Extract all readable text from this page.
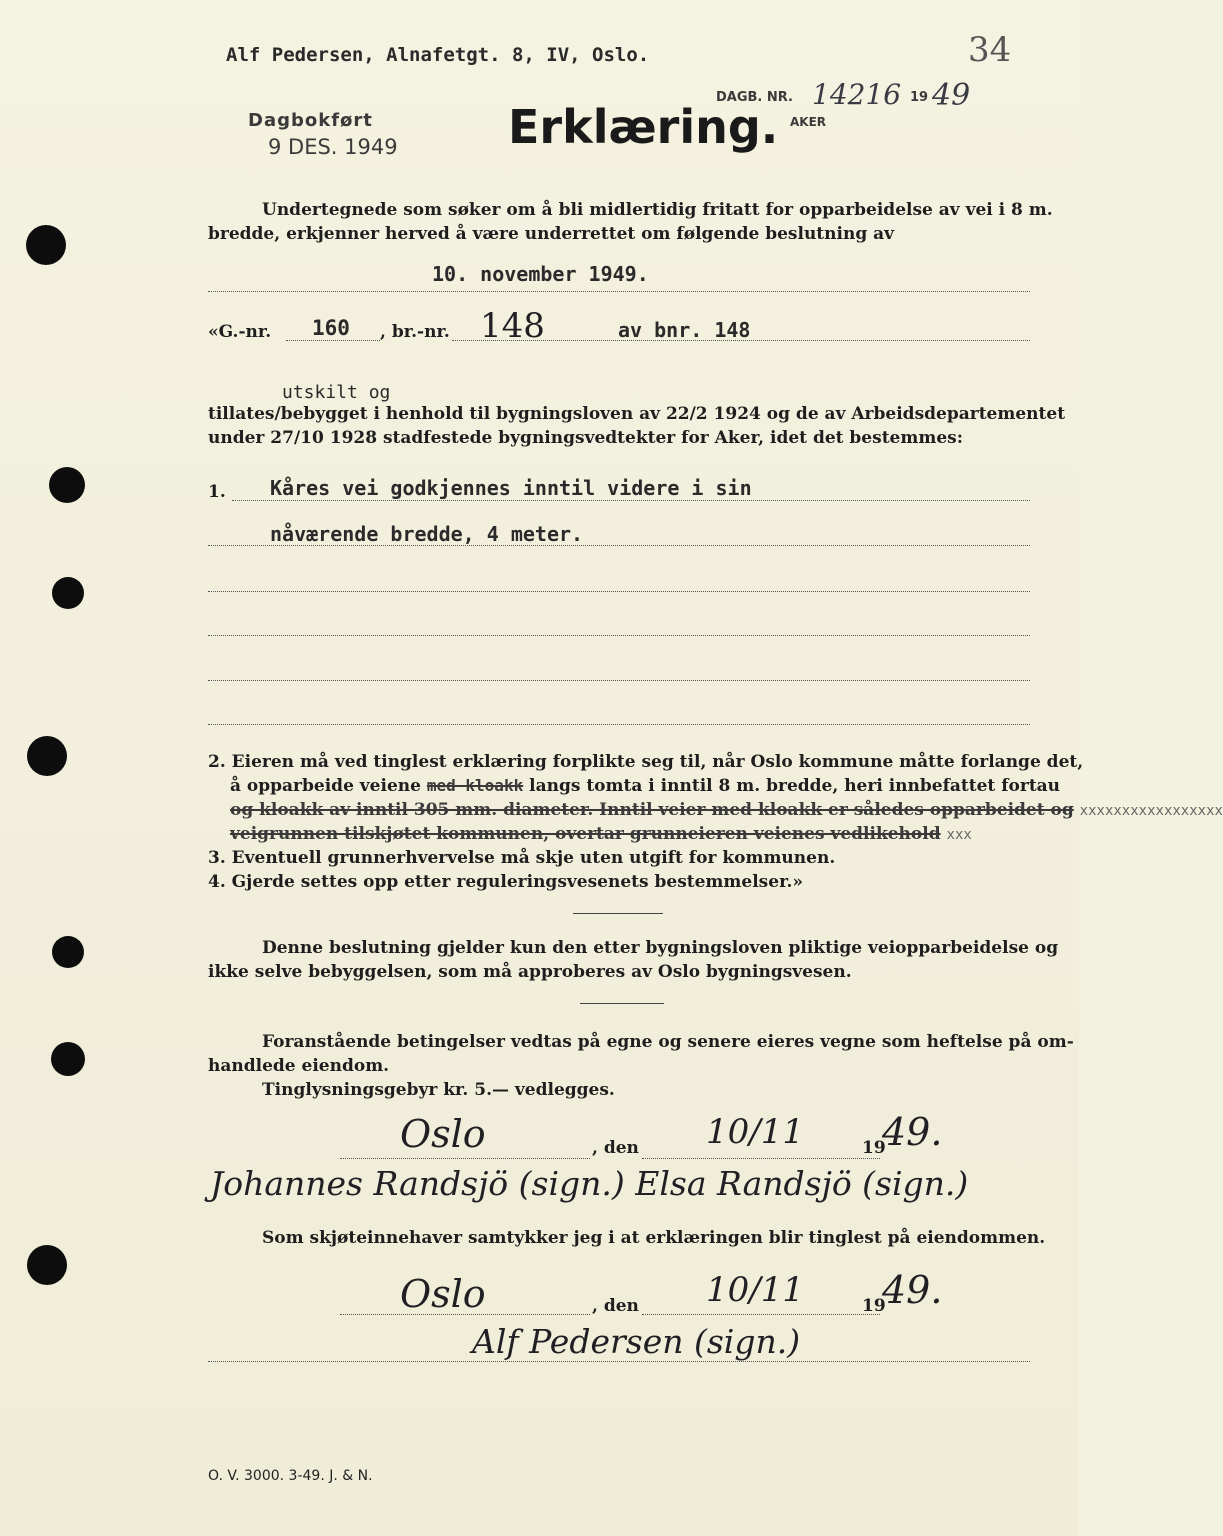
Alf Pedersen, Alnafetgt. 8, IV, Oslo.	34
Dagbokført
9 DES. 1949 Erklæring.
DAGB. NR. 14216 19 49
AKER
Undertegnede som søker om å bli midlertidig fritatt for opparbeidelse av vei i 8 m.
bredde, erkjenner herved å være underrettet om følgende beslutning av
10. november 1949.
«G.-nr. 160 , br.-nr. 148	av bnr. 148
utskilt og
tillates/bebygget i henhold til bygningsloven av 22/2 1924 og de av Arbeidsdepartementet
under 27/10 1928 stadfestede bygningsvedtekter for Aker, idet det bestemmes:
1. Kåres vei godkjennes inntil videre i sin
nåværende bredde, 4 meter.
2. Eieren må ved tinglest erklæring forplikte seg til, når Oslo kommune måtte forlange det,
å opparbeide veiene med kloakk langs tomta i inntil 8 m. bredde, heri innbefattet fortau
og kloakk av inntil 305 mm. diameter. Inntil veier med kloakk er således opparbeidet og xxxxxxxxxxxxxxxxx
veigrunnen tilskjøtet kommunen, overtar grunneieren veienes vedlikehold xxx
3. Eventuell grunnerhvervelse må skje uten utgift for kommunen.
4. Gjerde settes opp etter reguleringsvesenets bestemmelser.»
Denne beslutning gjelder kun den etter bygningsloven pliktige veiopparbeidelse og
ikke selve bebyggelsen, som må approberes av Oslo bygningsvesen.
Foranstående betingelser vedtas på egne og senere eieres vegne som heftelse på om-
handlede eiendom.
Tinglysningsgebyr kr. 5.— vedlegges.
Oslo	, den 10/11	19
49.
Johannes Randsjö (sign.) Elsa Randsjö (sign.)
Som skjøteinnehaver samtykker jeg i at erklæringen blir tinglest på eiendommen.
Oslo	, den 10/11	19
49.
Alf Pedersen (sign.)
O. V. 3000. 3-49. J. & N.
